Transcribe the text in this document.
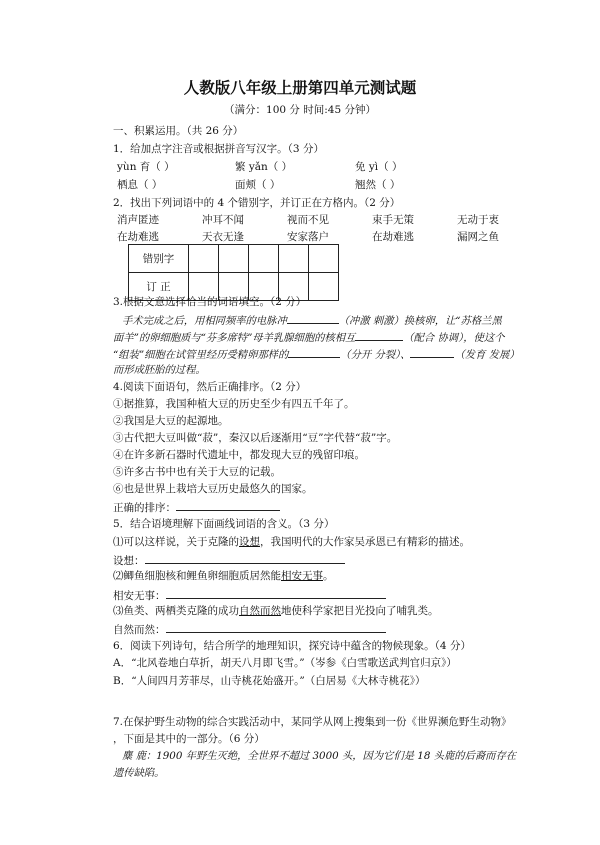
人教版八年级上册第四单元测试题
（满分：100 分 时间:45 分钟）
一、积累运用。（共 26 分）
1．给加点字注音或根据拼音写汉字。（3 分）
yùn 育（ ）	繁 yǎn（ ）	免 yì（ ）
栖息（ ）	面颊（ ）	翘然（ ）
2．找出下列词语中的 4 个错别字，并订正在方格内。（2 分）
消声匿迹	冲耳不闻	视而不见	束手无策	无动于衷
在劫难逃	天衣无逢	安家落户	在劫难逃	漏网之鱼
错别字					
订 正					
3.根据文意选择恰当的词语填空。（2 分）
手术完成之后，用相同频率的电脉冲	（冲激 刺激）换核卵，让“苏格兰黑
面羊”的卵细胞质与“芬多席特”母羊乳腺细胞的核相互	（配合 协调），使这个
“组装”细胞在试管里经历受精卵那样的	（分开 分裂）、	（发育 发展）
而形成胚胎的过程。
4.阅读下面语句，然后正确排序。（2 分）
①据推算，我国种植大豆的历史至少有四五千年了。
②我国是大豆的起源地。
③古代把大豆叫做“菽”，秦汉以后逐渐用“豆”字代替“菽”字。
④在许多新石器时代遗址中，都发现大豆的残留印痕。
⑤许多古书中也有关于大豆的记载。
⑥也是世界上栽培大豆历史最悠久的国家。
正确的排序：
5．结合语境理解下面画线词语的含义。（3 分）
⑴可以这样说，关于克隆的设想，我国明代的大作家吴承恩已有精彩的描述。
设想：
⑵鲫鱼细胞核和鲤鱼卵细胞质居然能相安无事。
相安无事：
⑶鱼类、两栖类克隆的成功自然而然地使科学家把目光投向了哺乳类。
自然而然：
6．阅读下列诗句，结合所学的地理知识，探究诗中蕴含的物候现象。（4 分）
A．“北风卷地白草折，胡天八月即飞雪。”（岑参《白雪歌送武判官归京》）
B．“人间四月芳菲尽，山寺桃花始盛开。”（白居易《大林寺桃花》）
7.在保护野生动物的综合实践活动中，某同学从网上搜集到一份《世界濒危野生动物》
，下面是其中的一部分。（6 分）
麋 鹿：1900 年野生灭绝，全世界不超过 3000 头，因为它们是 18 头鹿的后裔而存在
遗传缺陷。
